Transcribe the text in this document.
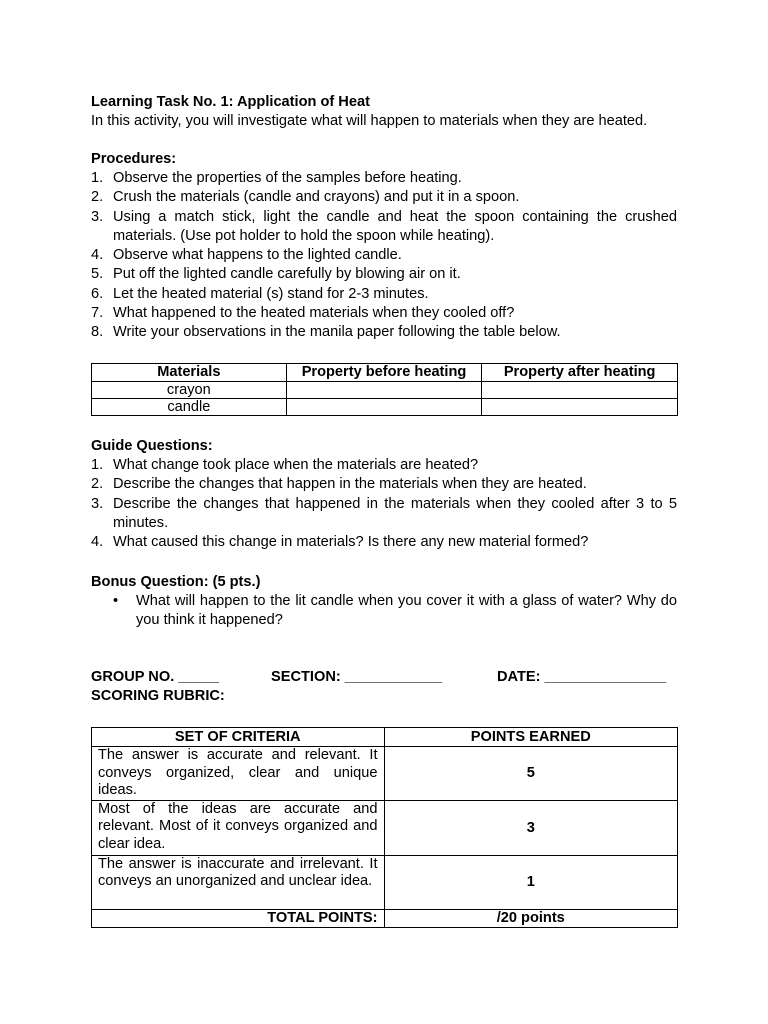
Learning Task No. 1: Application of Heat
In this activity, you will investigate what will happen to materials when they are heated.
Procedures:
1. Observe the properties of the samples before heating.
2. Crush the materials (candle and crayons) and put it in a spoon.
3. Using a match stick, light the candle and heat the spoon containing the crushed materials. (Use pot holder to hold the spoon while heating).
4. Observe what happens to the lighted candle.
5. Put off the lighted candle carefully by blowing air on it.
6. Let the heated material (s) stand for 2-3 minutes.
7. What happened to the heated materials when they cooled off?
8. Write your observations in the manila paper following the table below.
Materials	Property before heating	Property after heating
crayon		
candle		
Guide Questions:
1. What change took place when the materials are heated?
2. Describe the changes that happen in the materials when they are heated.
3. Describe the changes that happened in the materials when they cooled after 3 to 5 minutes.
4. What caused this change in materials? Is there any new material formed?
Bonus Question: (5 pts.)
• What will happen to the lit candle when you cover it with a glass of water? Why do you think it happened?
GROUP NO. _____	SECTION: ____________	DATE: _______________
SCORING RUBRIC:
SET OF CRITERIA	POINTS EARNED
The answer is accurate and relevant. It conveys organized, clear and unique ideas.	5
Most of the ideas are accurate and relevant. Most of it conveys organized and clear idea.	3
The answer is inaccurate and irrelevant. It conveys an unorganized and unclear idea.	1
TOTAL POINTS:	/20 points
